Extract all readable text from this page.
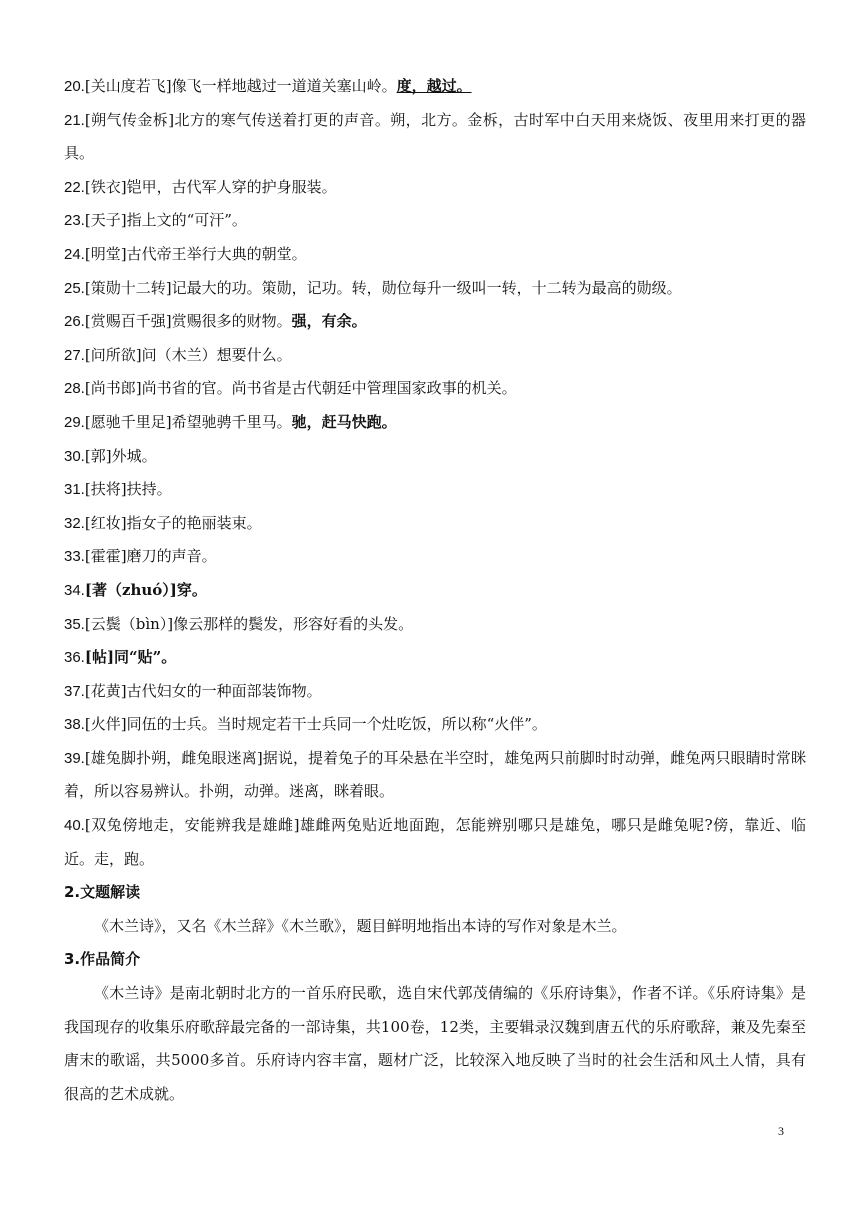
20.[关山度若飞]像飞一样地越过一道道关塞山岭。度，越过。

21.[朔气传金柝]北方的寒气传送着打更的声音。朔，北方。金柝，古时军中白天用来烧饭、夜里用来打更的器具。

22.[铁衣]铠甲，古代军人穿的护身服装。

23.[天子]指上文的“可汗”。

24.[明堂]古代帝王举行大典的朝堂。

25.[策勋十二转]记最大的功。策勋，记功。转，勋位每升一级叫一转，十二转为最高的勋级。

26.[赏赐百千强]赏赐很多的财物。强，有余。

27.[问所欲]问（木兰）想要什么。

28.[尚书郎]尚书省的官。尚书省是古代朝廷中管理国家政事的机关。

29.[愿驰千里足]希望驰骋千里马。驰，赶马快跑。

30.[郭]外城。

31.[扶将]扶持。

32.[红妆]指女子的艳丽装束。

33.[霍霍]磨刀的声音。

34.[著（zhuó）]穿。

35.[云鬓（bìn）]像云那样的鬓发，形容好看的头发。

36.[帖]同“贴”。

37.[花黄]古代妇女的一种面部装饰物。

38.[火伴]同伍的士兵。当时规定若干士兵同一个灶吃饭，所以称“火伴”。

39.[雄兔脚扑朔，雌兔眼迷离]据说，提着兔子的耳朵悬在半空时，雄兔两只前脚时时动弹，雌兔两只眼睛时常眯着，所以容易辨认。扑朔，动弹。迷离，眯着眼。

40.[双兔傍地走，安能辨我是雄雌]雄雌两兔贴近地面跑，怎能辨别哪只是雄兔，哪只是雌兔呢?傍，靠近、临近。走，跑。

2.文题解读

《木兰诗》，又名《木兰辞》《木兰歌》，题目鲜明地指出本诗的写作对象是木兰。

3.作品简介

《木兰诗》是南北朝时北方的一首乐府民歌，选自宋代郭茂倩编的《乐府诗集》，作者不详。《乐府诗集》是我国现存的收集乐府歌辞最完备的一部诗集，共100卷，12类，主要辑录汉魏到唐五代的乐府歌辞，兼及先秦至唐末的歌谣，共5000多首。乐府诗内容丰富，题材广泛，比较深入地反映了当时的社会生活和风土人情，具有很高的艺术成就。

3
